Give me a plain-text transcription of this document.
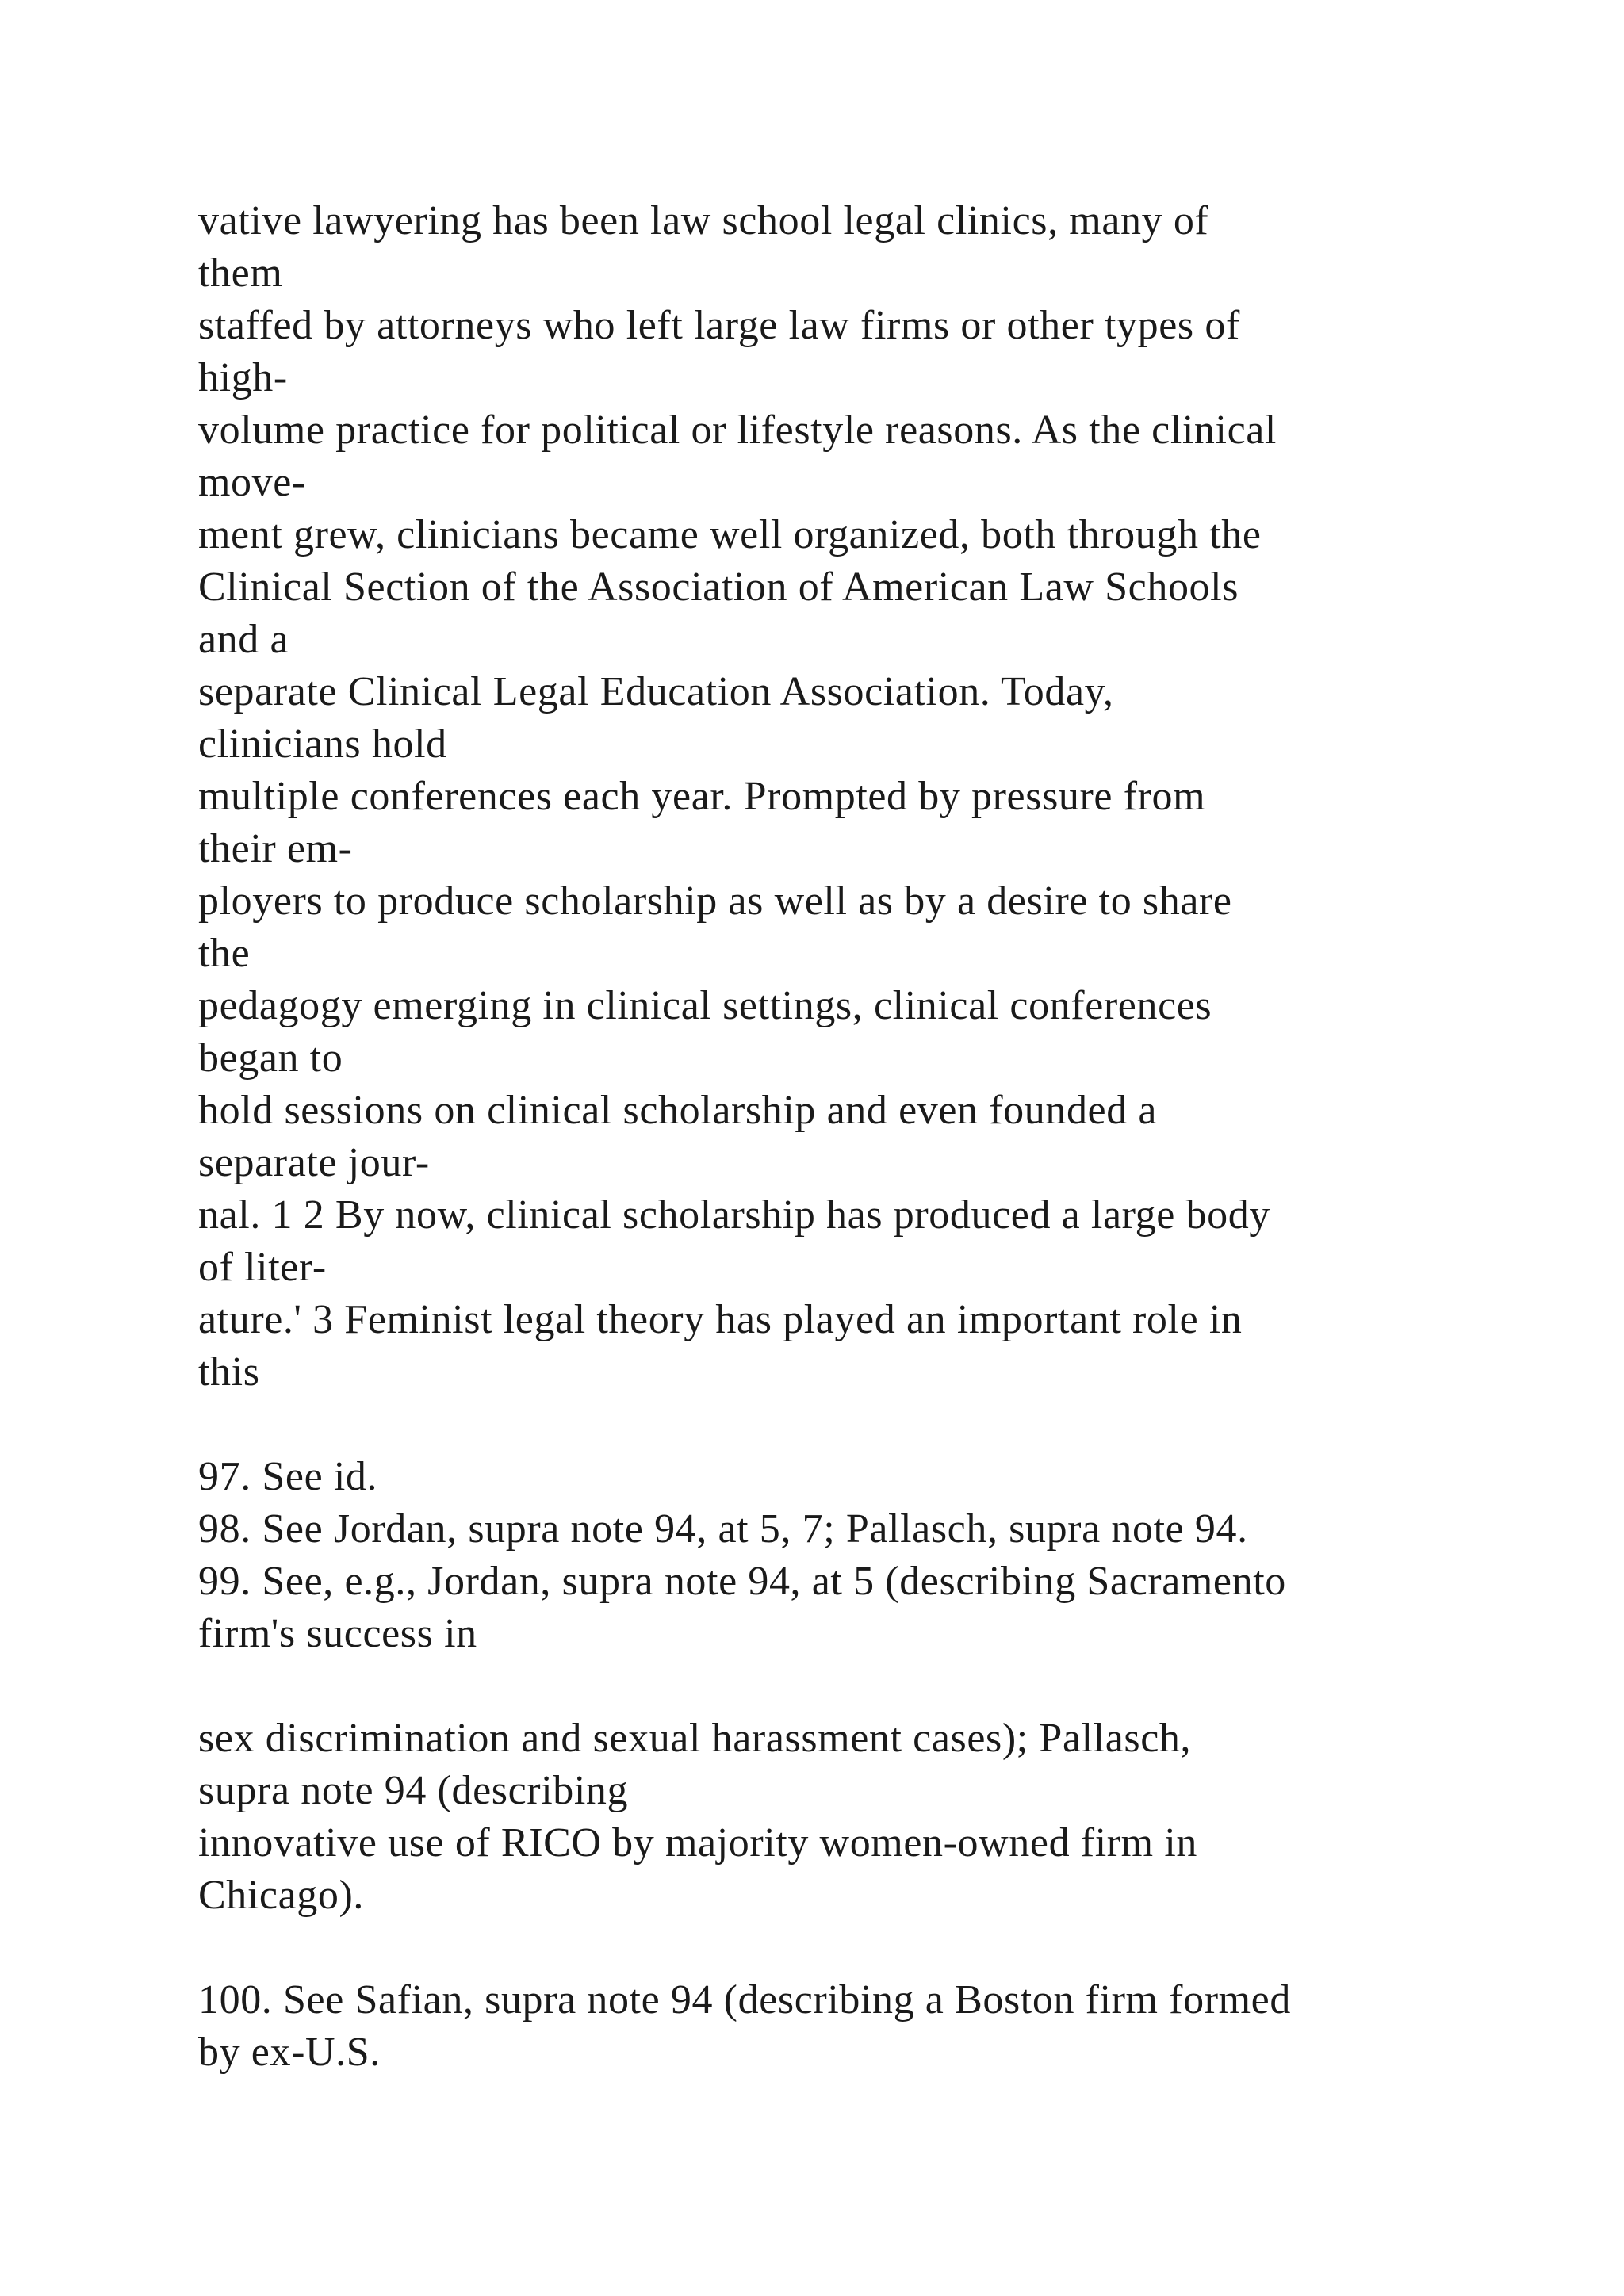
vative lawyering has been law school legal clinics, many of
them
staffed by attorneys who left large law firms or other types of
high-
volume practice for political or lifestyle reasons. As the clinical
move-
ment grew, clinicians became well organized, both through the
Clinical Section of the Association of American Law Schools
and a
separate Clinical Legal Education Association. Today,
clinicians hold
multiple conferences each year. Prompted by pressure from
their em-
ployers to produce scholarship as well as by a desire to share
the
pedagogy emerging in clinical settings, clinical conferences
began to
hold sessions on clinical scholarship and even founded a
separate jour-
nal. 1 2 By now, clinical scholarship has produced a large body
of liter-
ature.' 3 Feminist legal theory has played an important role in
this
97. See id.
98. See Jordan, supra note 94, at 5, 7; Pallasch, supra note 94.
99. See, e.g., Jordan, supra note 94, at 5 (describing Sacramento
firm's success in
sex discrimination and sexual harassment cases); Pallasch,
supra note 94 (describing
innovative use of RICO by majority women-owned firm in
Chicago).
100. See Safian, supra note 94 (describing a Boston firm formed
by ex-U.S.
